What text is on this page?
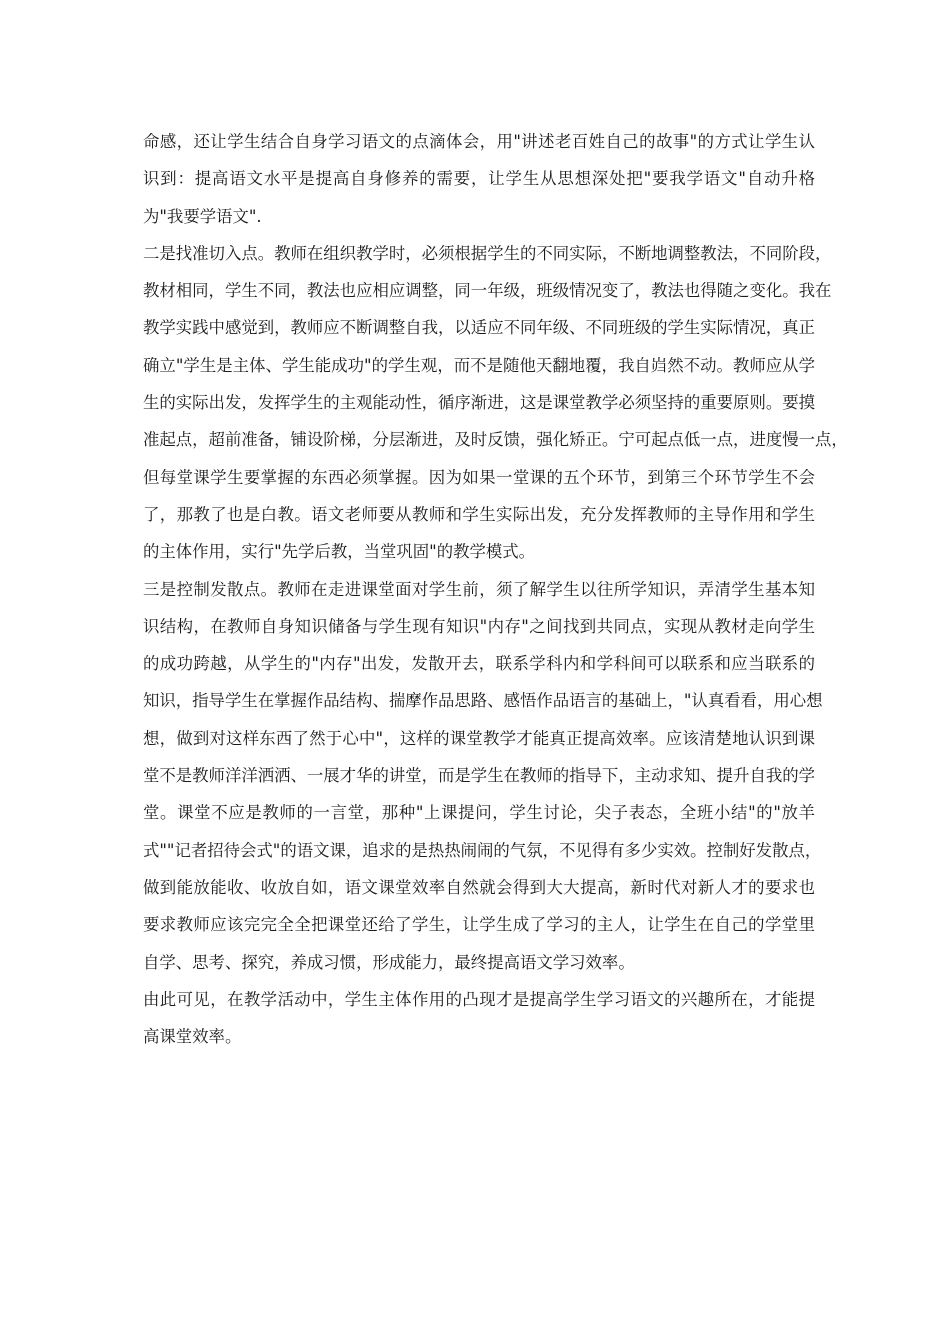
命感，还让学生结合自身学习语文的点滴体会，用"讲述老百姓自己的故事"的方式让学生认
识到：提高语文水平是提高自身修养的需要，让学生从思想深处把"要我学语文"自动升格
为"我要学语文".
二是找准切入点。教师在组织教学时，必须根据学生的不同实际，不断地调整教法，不同阶段，
教材相同，学生不同，教法也应相应调整，同一年级，班级情况变了，教法也得随之变化。我在
教学实践中感觉到，教师应不断调整自我，以适应不同年级、不同班级的学生实际情况，真正
确立"学生是主体、学生能成功"的学生观，而不是随他天翻地覆，我自岿然不动。教师应从学
生的实际出发，发挥学生的主观能动性，循序渐进，这是课堂教学必须坚持的重要原则。要摸
准起点，超前准备，铺设阶梯，分层渐进，及时反馈，强化矫正。宁可起点低一点，进度慢一点，
但每堂课学生要掌握的东西必须掌握。因为如果一堂课的五个环节，到第三个环节学生不会
了，那教了也是白教。语文老师要从教师和学生实际出发，充分发挥教师的主导作用和学生
的主体作用，实行"先学后教，当堂巩固"的教学模式。
三是控制发散点。教师在走进课堂面对学生前，须了解学生以往所学知识，弄清学生基本知
识结构，在教师自身知识储备与学生现有知识"内存"之间找到共同点，实现从教材走向学生
的成功跨越，从学生的"内存"出发，发散开去，联系学科内和学科间可以联系和应当联系的
知识，指导学生在掌握作品结构、揣摩作品思路、感悟作品语言的基础上，"认真看看，用心想
想，做到对这样东西了然于心中"，这样的课堂教学才能真正提高效率。应该清楚地认识到课
堂不是教师洋洋洒洒、一展才华的讲堂，而是学生在教师的指导下，主动求知、提升自我的学
堂。课堂不应是教师的一言堂，那种"上课提问，学生讨论，尖子表态，全班小结"的"放羊
式""记者招待会式"的语文课，追求的是热热闹闹的气氛，不见得有多少实效。控制好发散点，
做到能放能收、收放自如，语文课堂效率自然就会得到大大提高，新时代对新人才的要求也
要求教师应该完完全全把课堂还给了学生，让学生成了学习的主人，让学生在自己的学堂里
自学、思考、探究，养成习惯，形成能力，最终提高语文学习效率。
由此可见，在教学活动中，学生主体作用的凸现才是提高学生学习语文的兴趣所在，才能提
高课堂效率。
